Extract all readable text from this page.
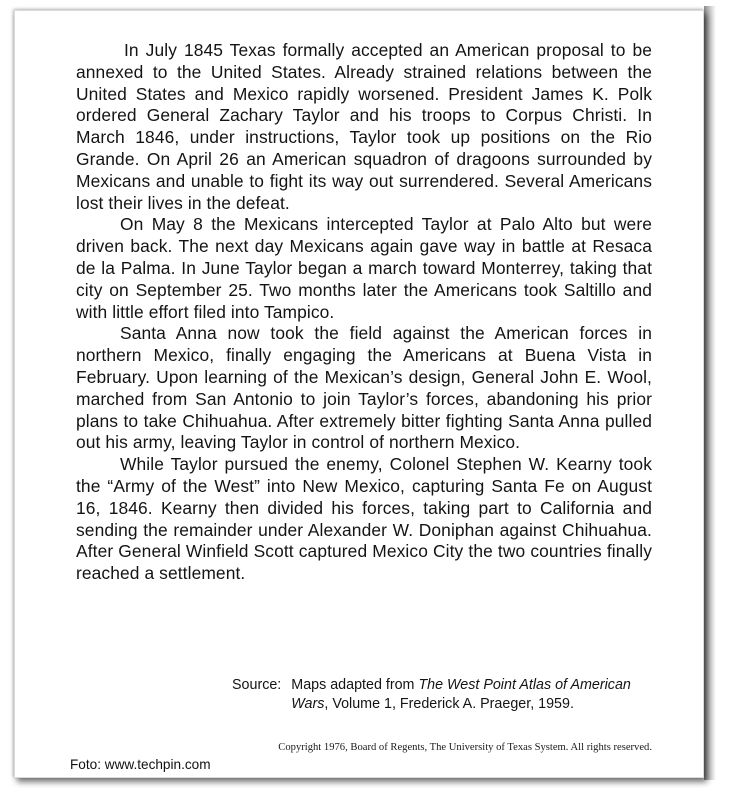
In July 1845 Texas formally accepted an American proposal to be annexed to the United States. Already strained relations between the United States and Mexico rapidly worsened. President James K. Polk ordered General Zachary Taylor and his troops to Corpus Christi. In March 1846, under instructions, Taylor took up positions on the Rio Grande. On April 26 an American squadron of dragoons surrounded by Mexicans and unable to fight its way out surrendered. Several Americans lost their lives in the defeat.

On May 8 the Mexicans intercepted Taylor at Palo Alto but were driven back. The next day Mexicans again gave way in battle at Resaca de la Palma. In June Taylor began a march toward Monterrey, taking that city on September 25. Two months later the Americans took Saltillo and with little effort filed into Tampico.

Santa Anna now took the field against the American forces in northern Mexico, finally engaging the Americans at Buena Vista in February. Upon learning of the Mexican’s design, General John E. Wool, marched from San Antonio to join Taylor’s forces, abandoning his prior plans to take Chihuahua. After extremely bitter fighting Santa Anna pulled out his army, leaving Taylor in control of northern Mexico.

While Taylor pursued the enemy, Colonel Stephen W. Kearny took the “Army of the West” into New Mexico, capturing Santa Fe on August 16, 1846. Kearny then divided his forces, taking part to California and sending the remainder under Alexander W. Doniphan against Chihuahua. After General Winfield Scott captured Mexico City the two countries finally reached a settlement.

Source: Maps adapted from The West Point Atlas of American Wars, Volume 1, Frederick A. Praeger, 1959.
Copyright 1976, Board of Regents, The University of Texas System. All rights reserved.
Foto: www.techpin.com
